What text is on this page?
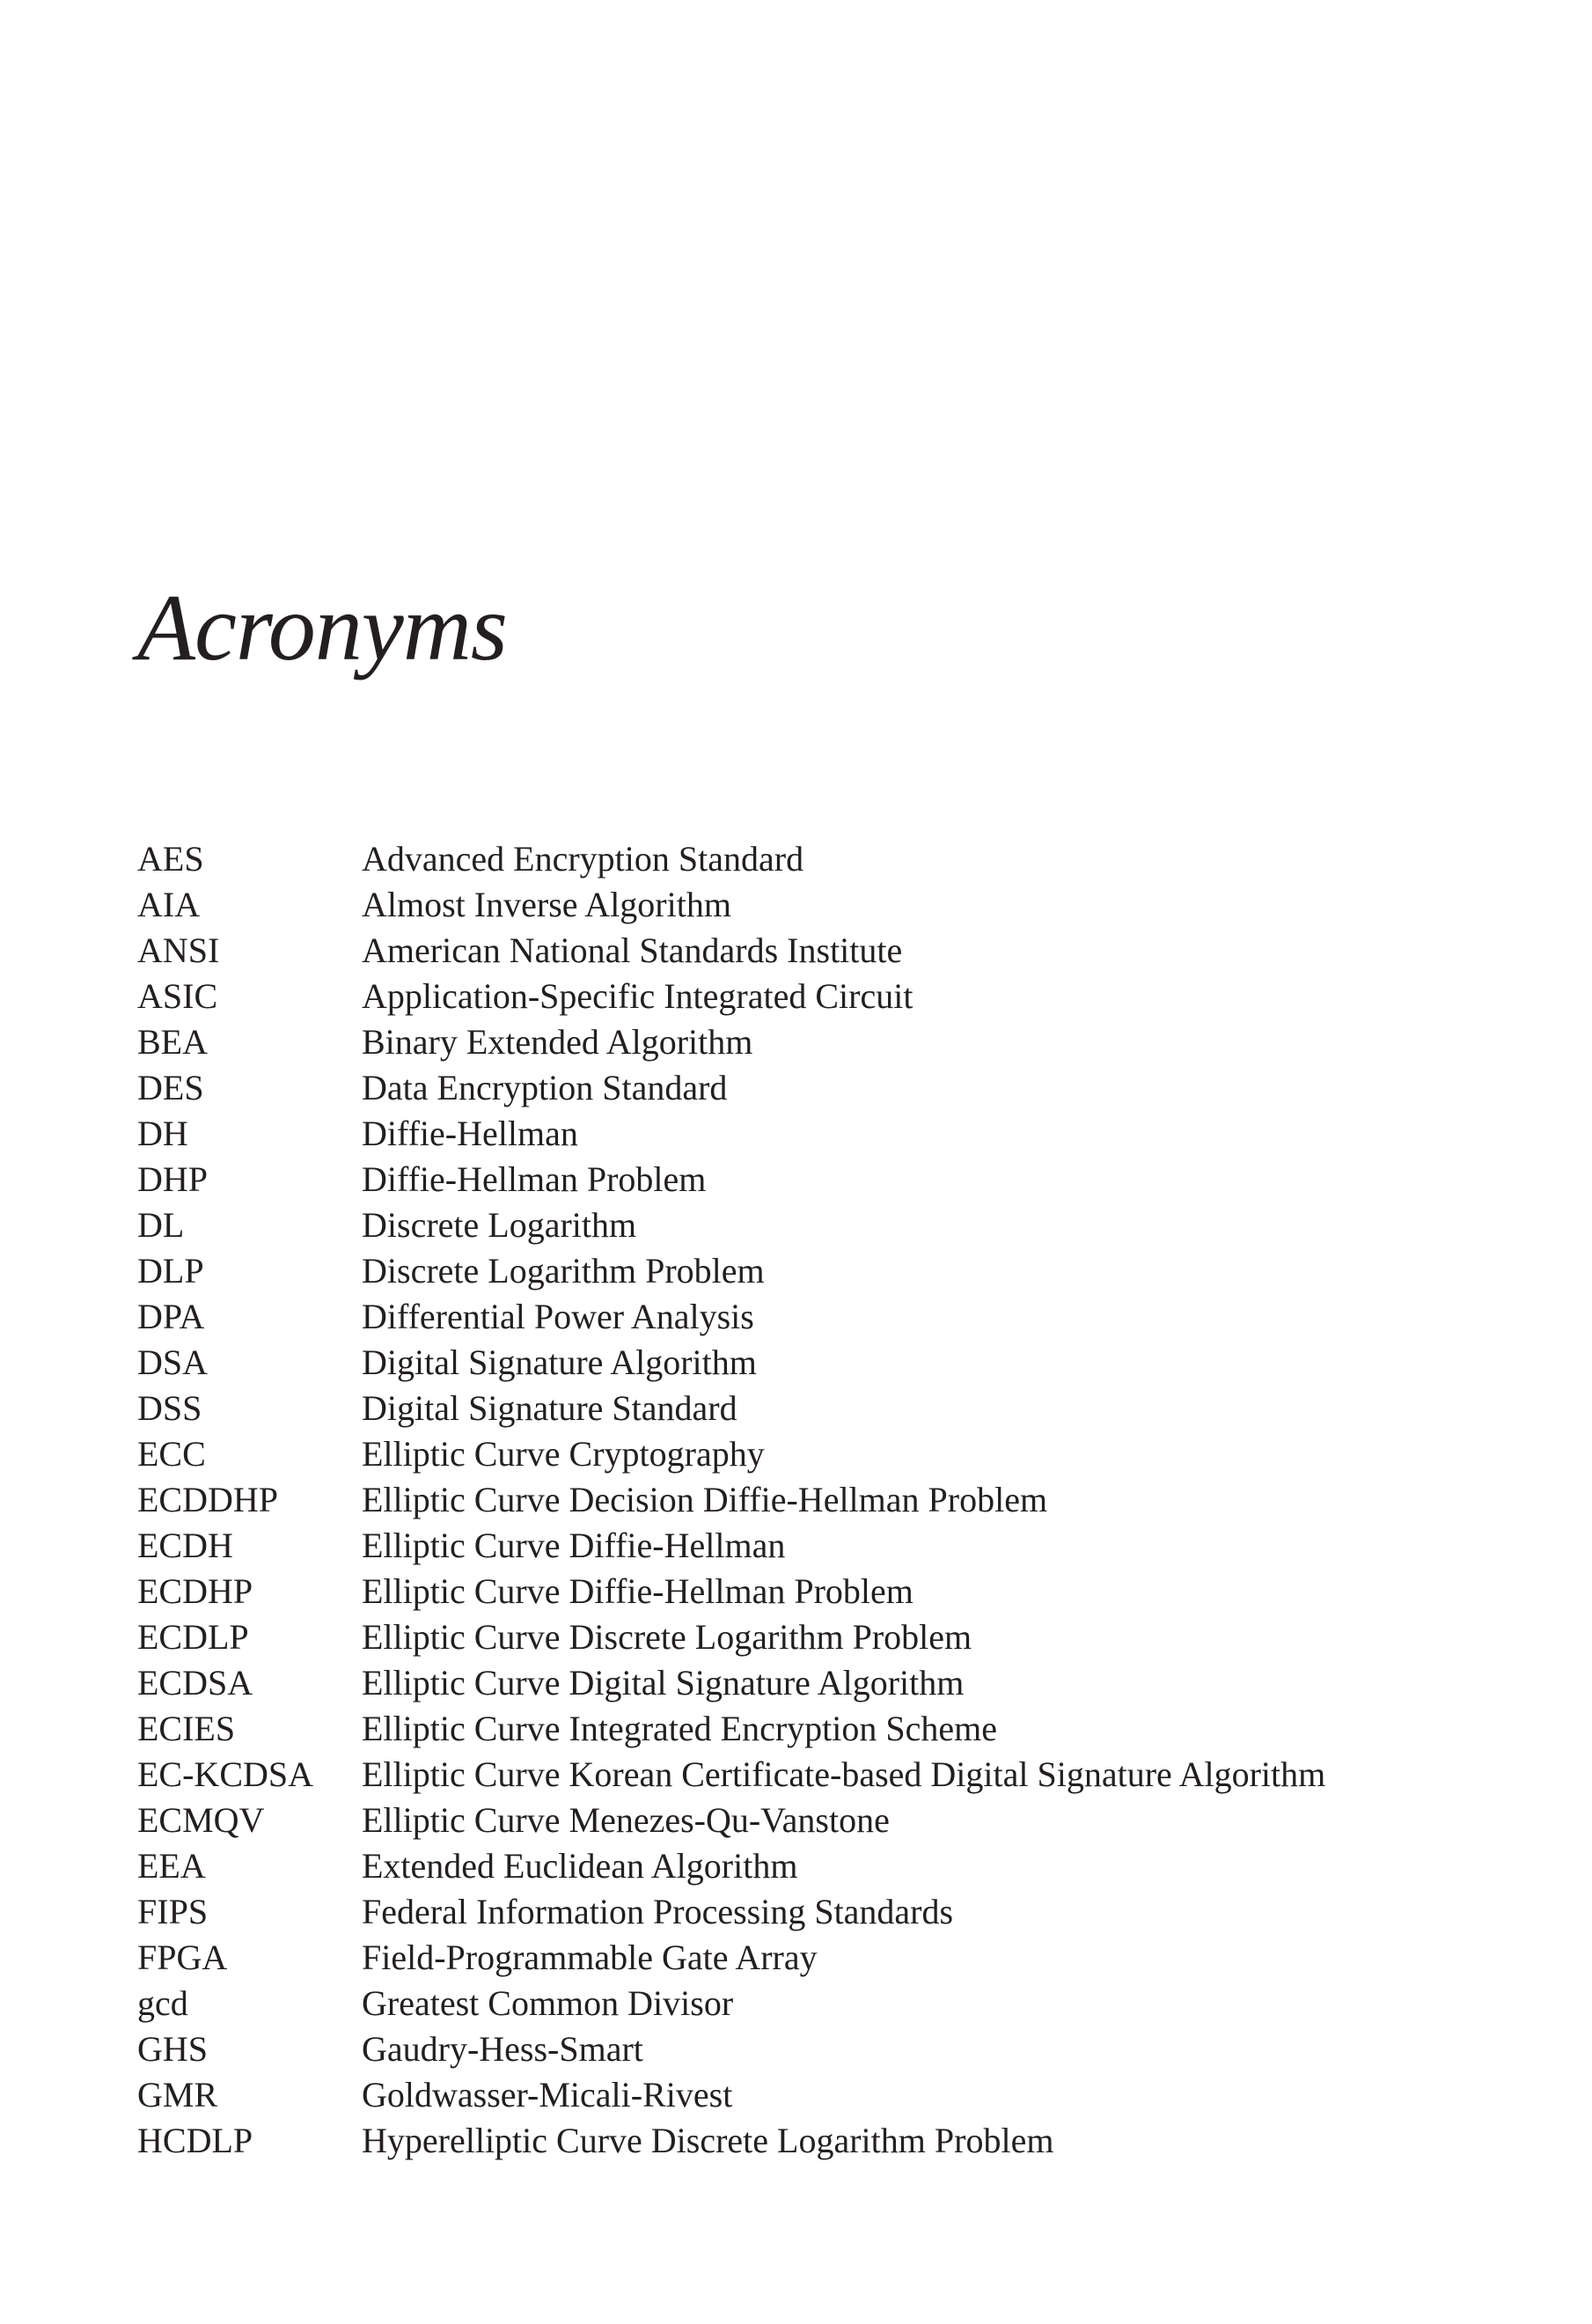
Acronyms
AES	Advanced Encryption Standard
AIA	Almost Inverse Algorithm
ANSI	American National Standards Institute
ASIC	Application-Specific Integrated Circuit
BEA	Binary Extended Algorithm
DES	Data Encryption Standard
DH	Diffie-Hellman
DHP	Diffie-Hellman Problem
DL	Discrete Logarithm
DLP	Discrete Logarithm Problem
DPA	Differential Power Analysis
DSA	Digital Signature Algorithm
DSS	Digital Signature Standard
ECC	Elliptic Curve Cryptography
ECDDHP	Elliptic Curve Decision Diffie-Hellman Problem
ECDH	Elliptic Curve Diffie-Hellman
ECDHP	Elliptic Curve Diffie-Hellman Problem
ECDLP	Elliptic Curve Discrete Logarithm Problem
ECDSA	Elliptic Curve Digital Signature Algorithm
ECIES	Elliptic Curve Integrated Encryption Scheme
EC-KCDSA	Elliptic Curve Korean Certificate-based Digital Signature Algorithm
ECMQV	Elliptic Curve Menezes-Qu-Vanstone
EEA	Extended Euclidean Algorithm
FIPS	Federal Information Processing Standards
FPGA	Field-Programmable Gate Array
gcd	Greatest Common Divisor
GHS	Gaudry-Hess-Smart
GMR	Goldwasser-Micali-Rivest
HCDLP	Hyperelliptic Curve Discrete Logarithm Problem
